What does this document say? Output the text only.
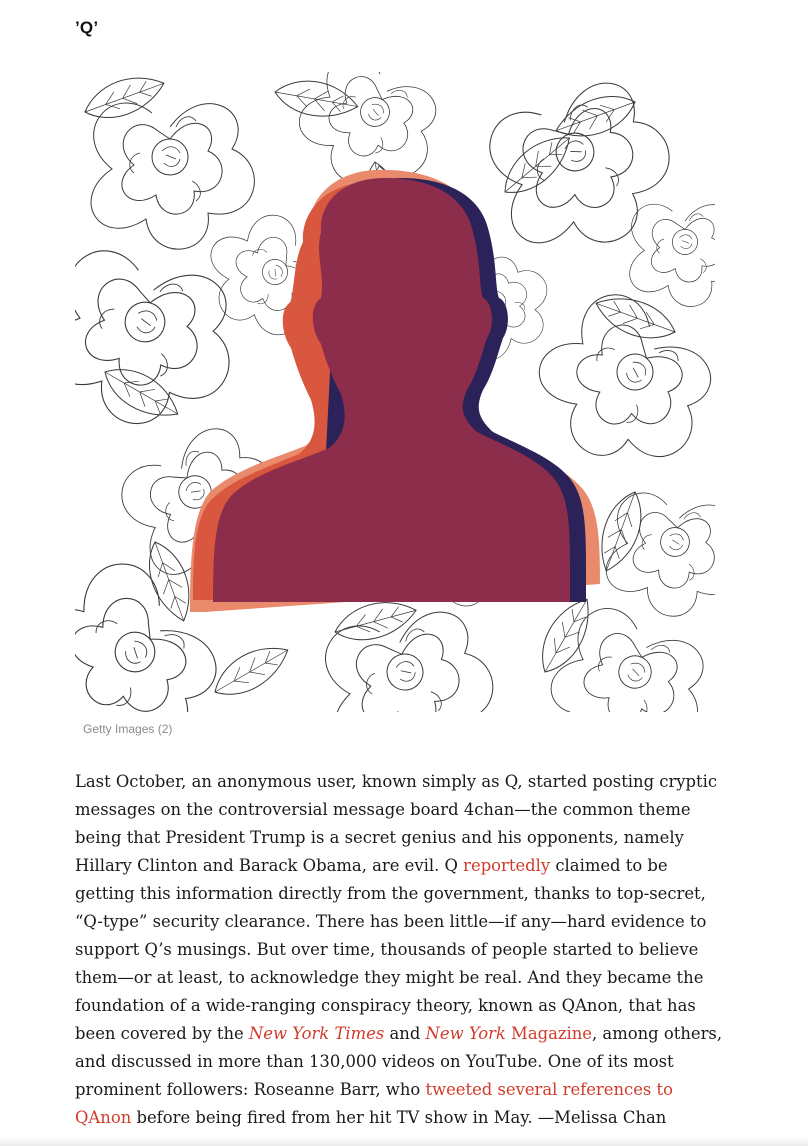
’Q’
Getty Images (2)

Last October, an anonymous user, known simply as Q, started posting cryptic messages on the controversial message board 4chan—the common theme being that President Trump is a secret genius and his opponents, namely Hillary Clinton and Barack Obama, are evil. Q reportedly claimed to be getting this information directly from the government, thanks to top-secret, “Q-type” security clearance. There has been little—if any—hard evidence to support Q’s musings. But over time, thousands of people started to believe them—or at least, to acknowledge they might be real. And they became the foundation of a wide-ranging conspiracy theory, known as QAnon, that has been covered by the New York Times and New York Magazine, among others, and discussed in more than 130,000 videos on YouTube. One of its most prominent followers: Roseanne Barr, who tweeted several references to QAnon before being fired from her hit TV show in May. —Melissa Chan
